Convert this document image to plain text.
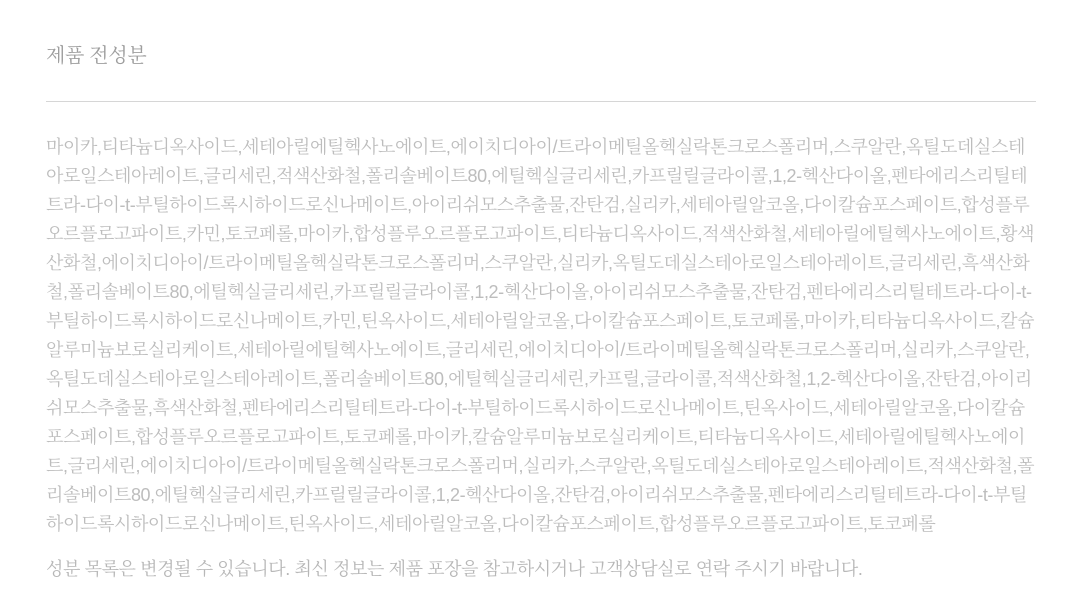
제품 전성분

마이카,티타늄디옥사이드,세테아릴에틸헥사노에이트,에이치디아이/트라이메틸올헥실락톤크로스폴리머,스쿠알란,옥틸도데실스테아로일스테아레이트,글리세린,적색산화철,폴리솔베이트80,에틸헥실글리세린,카프릴릴글라이콜,1,2-헥산다이올,펜타에리스리틸테트라-다이-t-부틸하이드록시하이드로신나메이트,아이리쉬모스추출물,잔탄검,실리카,세테아릴알코올,다이칼슘포스페이트,합성플루오르플로고파이트,카민,토코페롤,마이카,합성플루오르플로고파이트,티타늄디옥사이드,적색산화철,세테아릴에틸헥사노에이트,황색산화철,에이치디아이/트라이메틸올헥실락톤크로스폴리머,스쿠알란,실리카,옥틸도데실스테아로일스테아레이트,글리세린,흑색산화철,폴리솔베이트80,에틸헥실글리세린,카프릴릴글라이콜,1,2-헥산다이올,아이리쉬모스추출물,잔탄검,펜타에리스리틸테트라-다이-t-부틸하이드록시하이드로신나메이트,카민,틴옥사이드,세테아릴알코올,다이칼슘포스페이트,토코페롤,마이카,티타늄디옥사이드,칼슘알루미늄보로실리케이트,세테아릴에틸헥사노에이트,글리세린,에이치디아이/트라이메틸올헥실락톤크로스폴리머,실리카,스쿠알란,옥틸도데실스테아로일스테아레이트,폴리솔베이트80,에틸헥실글리세린,카프릴,글라이콜,적색산화철,1,2-헥산다이올,잔탄검,아이리쉬모스추출물,흑색산화철,펜타에리스리틸테트라-다이-t-부틸하이드록시하이드로신나메이트,틴옥사이드,세테아릴알코올,다이칼슘포스페이트,합성플루오르플로고파이트,토코페롤,마이카,칼슘알루미늄보로실리케이트,티타늄디옥사이드,세테아릴에틸헥사노에이트,글리세린,에이치디아이/트라이메틸올헥실락톤크로스폴리머,실리카,스쿠알란,옥틸도데실스테아로일스테아레이트,적색산화철,폴리솔베이트80,에틸헥실글리세린,카프릴릴글라이콜,1,2-헥산다이올,잔탄검,아이리쉬모스추출물,펜타에리스리틸테트라-다이-t-부틸하이드록시하이드로신나메이트,틴옥사이드,세테아릴알코올,다이칼슘포스페이트,합성플루오르플로고파이트,토코페롤

성분 목록은 변경될 수 있습니다. 최신 정보는 제품 포장을 참고하시거나 고객상담실로 연락 주시기 바랍니다.
